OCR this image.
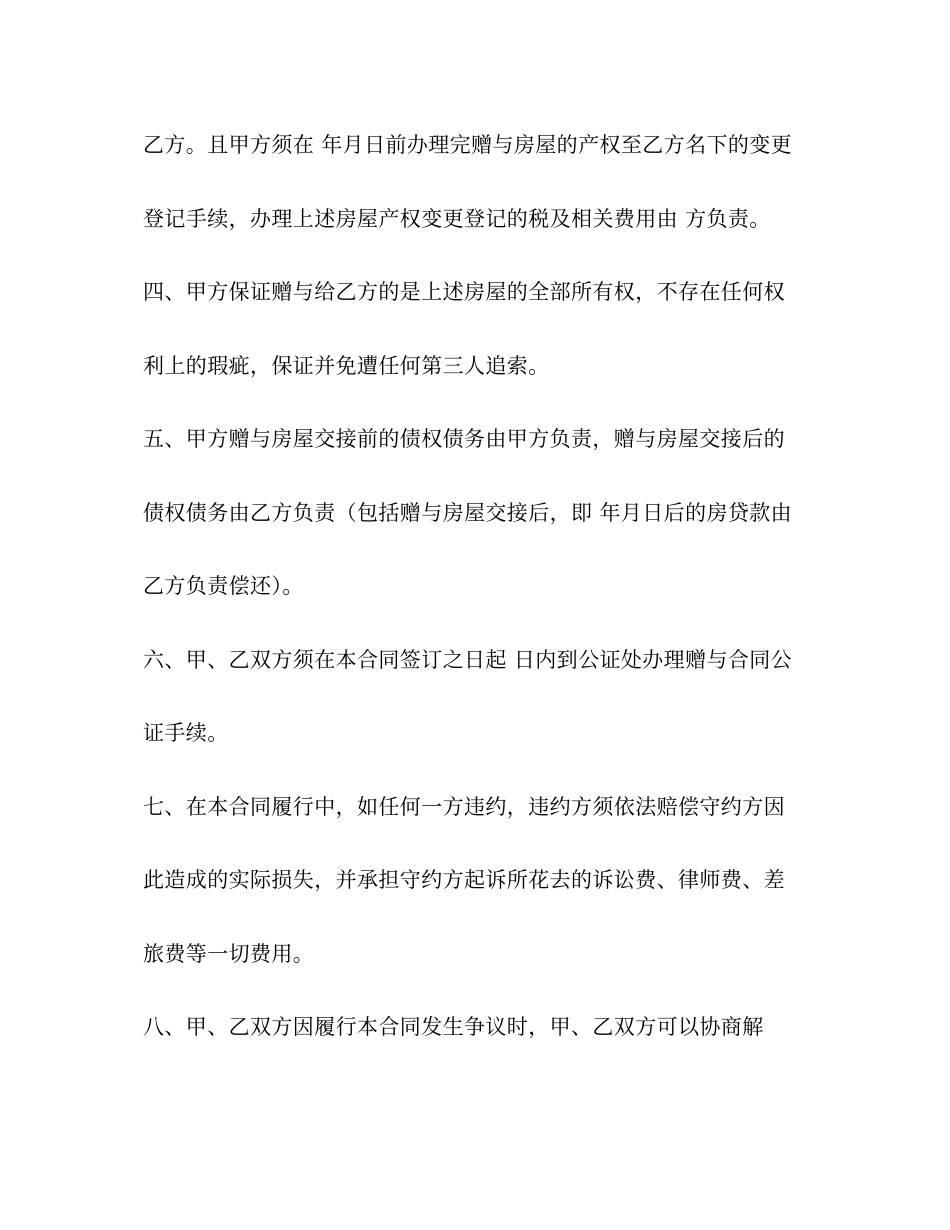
乙方。且甲方须在 年月日前办理完赠与房屋的产权至乙方名下的变更
登记手续，办理上述房屋产权变更登记的税及相关费用由 方负责。
四、甲方保证赠与给乙方的是上述房屋的全部所有权，不存在任何权
利上的瑕疵，保证并免遭任何第三人追索。
五、甲方赠与房屋交接前的债权债务由甲方负责，赠与房屋交接后的
债权债务由乙方负责（包括赠与房屋交接后，即 年月日后的房贷款由
乙方负责偿还）。
六、甲、乙双方须在本合同签订之日起 日内到公证处办理赠与合同公
证手续。
七、在本合同履行中，如任何一方违约，违约方须依法赔偿守约方因
此造成的实际损失，并承担守约方起诉所花去的诉讼费、律师费、差
旅费等一切费用。
八、甲、乙双方因履行本合同发生争议时，甲、乙双方可以协商解
